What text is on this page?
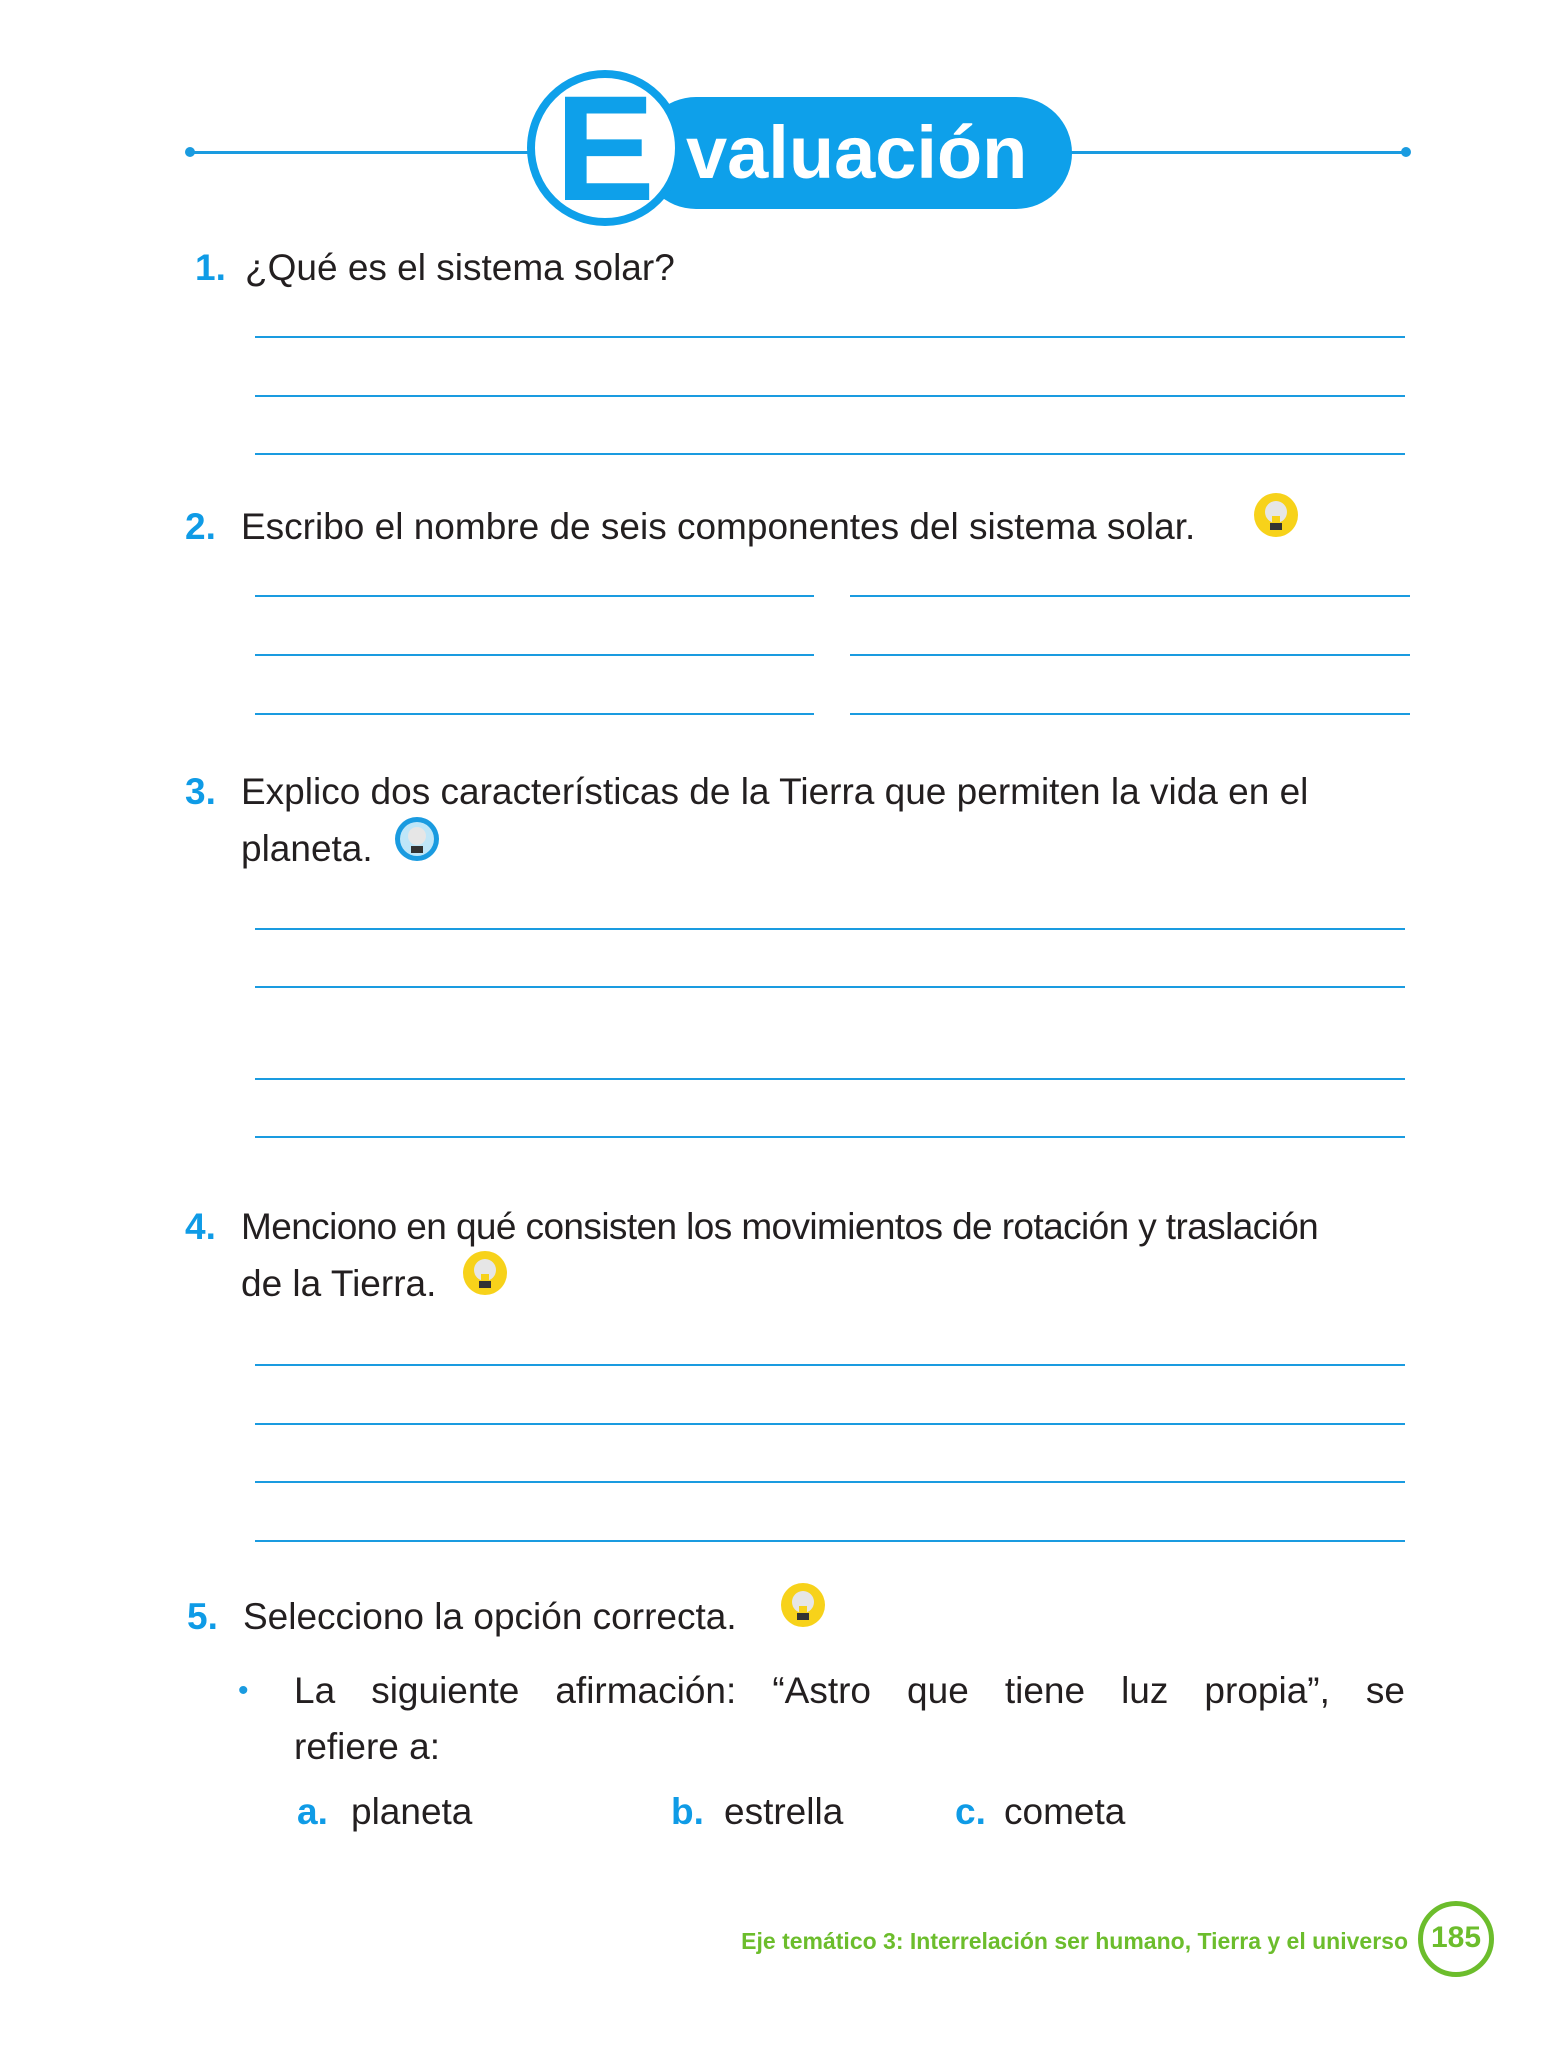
E valuación
1. ¿Qué es el sistema solar?
2. Escribo el nombre de seis componentes del sistema solar.
3. Explico dos características de la Tierra que permiten la vida en el
planeta.
4. Menciono en qué consisten los movimientos de rotación y traslación
de la Tierra.
5. Selecciono la opción correcta.
• La siguiente afirmación: “Astro que tiene luz propia”, se
refiere a:
a. planeta	b. estrella	c. cometa
Eje temático 3: Interrelación ser humano, Tierra y el universo 185
